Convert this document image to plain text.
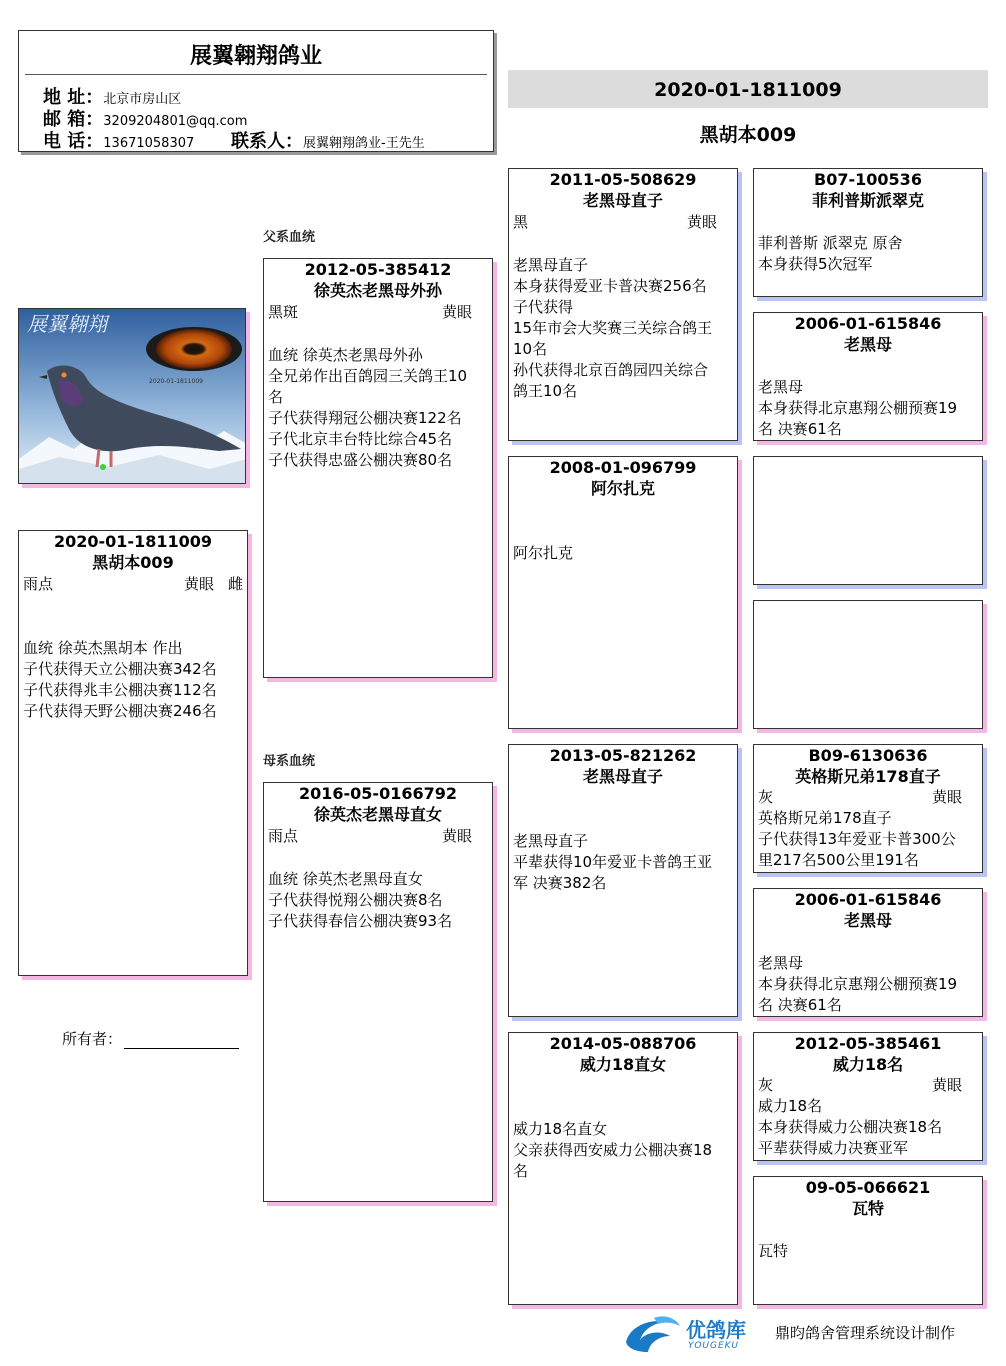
展翼翱翔鸽业
地 址：北京市房山区
邮 箱：3209204801@qq.com
电 话：13671058307 联系人：展翼翱翔鸽业-王先生
2020-01-1811009
黑胡本009
父系血统
母系血统
展翼翱翔
2020-01-1811009
2020-01-1811009
黑胡本009
雨点	黄眼 雌
血统 徐英杰黑胡本 作出
子代获得天立公棚决赛342名
子代获得兆丰公棚决赛112名
子代获得天野公棚决赛246名
所有者：
2012-05-385412
徐英杰老黑母外孙
黑斑	黄眼
血统 徐英杰老黑母外孙
全兄弟作出百鸽园三关鸽王10
名
子代获得翔冠公棚决赛122名
子代北京丰台特比综合45名
子代获得忠盛公棚决赛80名
2016-05-0166792
徐英杰老黑母直女
雨点	黄眼
血统 徐英杰老黑母直女
子代获得悦翔公棚决赛8名
子代获得春信公棚决赛93名
2011-05-508629
老黑母直子
黑	黄眼
老黑母直子
本身获得爱亚卡普决赛256名
子代获得
15年市会大奖赛三关综合鸽王
10名
孙代获得北京百鸽园四关综合
鸽王10名
2008-01-096799
阿尔扎克
阿尔扎克
2013-05-821262
老黑母直子
老黑母直子
平辈获得10年爱亚卡普鸽王亚
军 决赛382名
2014-05-088706
威力18直女
威力18名直女
父亲获得西安威力公棚决赛18
名
B07-100536
菲利普斯派翠克
菲利普斯 派翠克 原舍
本身获得5次冠军
2006-01-615846
老黑母
老黑母
本身获得北京惠翔公棚预赛19
名 决赛61名
B09-6130636
英格斯兄弟178直子
灰	黄眼
英格斯兄弟178直子
子代获得13年爱亚卡普300公
里217名500公里191名
2006-01-615846
老黑母
老黑母
本身获得北京惠翔公棚预赛19
名 决赛61名
2012-05-385461
威力18名
灰	黄眼
威力18名
本身获得威力公棚决赛18名
平辈获得威力决赛亚军
09-05-066621
瓦特
瓦特
优鸽库
YOUGEKU
鼎昀鸽舍管理系统设计制作
